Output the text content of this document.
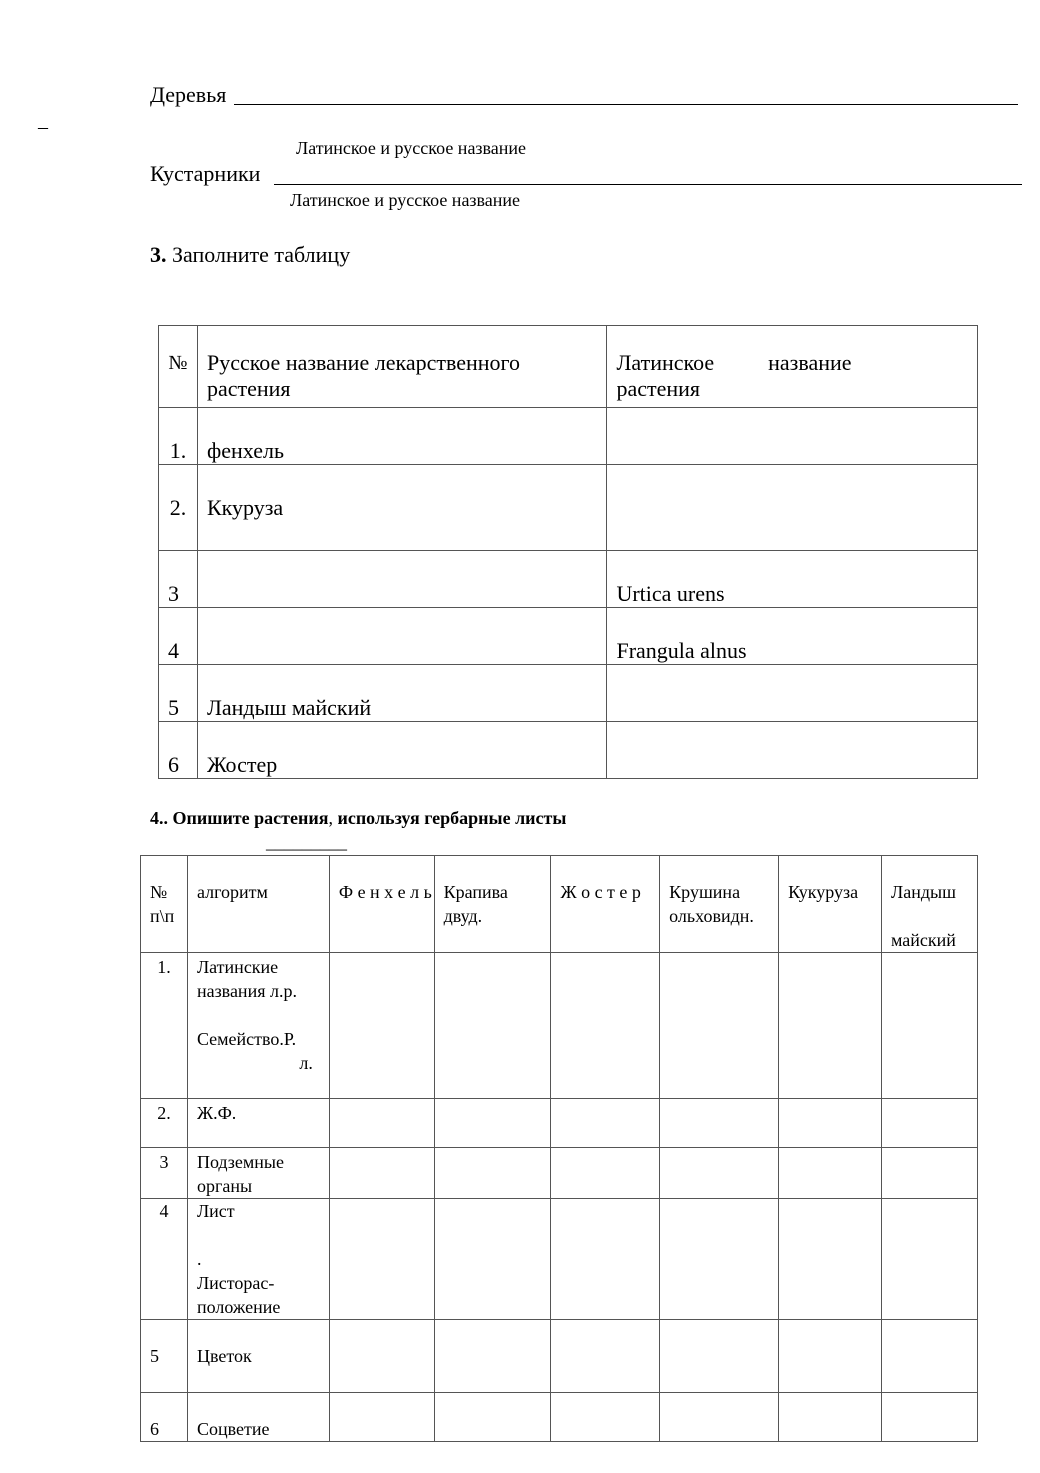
Деревья
–
Латинское и русское название
Кустарники
Латинское и русское название
3. Заполните таблицу
№	Русское название лекарственного растения	Латинское название
растения
1.	фенхель	
2.	Ккуруза	
3		Urtica urens
4		Frangula alnus
5	Ландыш майский	
6	Жостер	
4.. Опишите растения, используя гербарные листы
_________
№ п\п	алгоритм	Ф е н х е л ь	Крапива двуд.	Ж о с т е р	Крушина ольховидн.	Кукуруза	Ландыш
майский

1.	Латинские названия л.р.
Семейство.Р.
л.						

2.	Ж.Ф.						
3	Подземные органы						
4	Лист
.
Листорас-положение						

5	Цветок						
6	Соцветие						
